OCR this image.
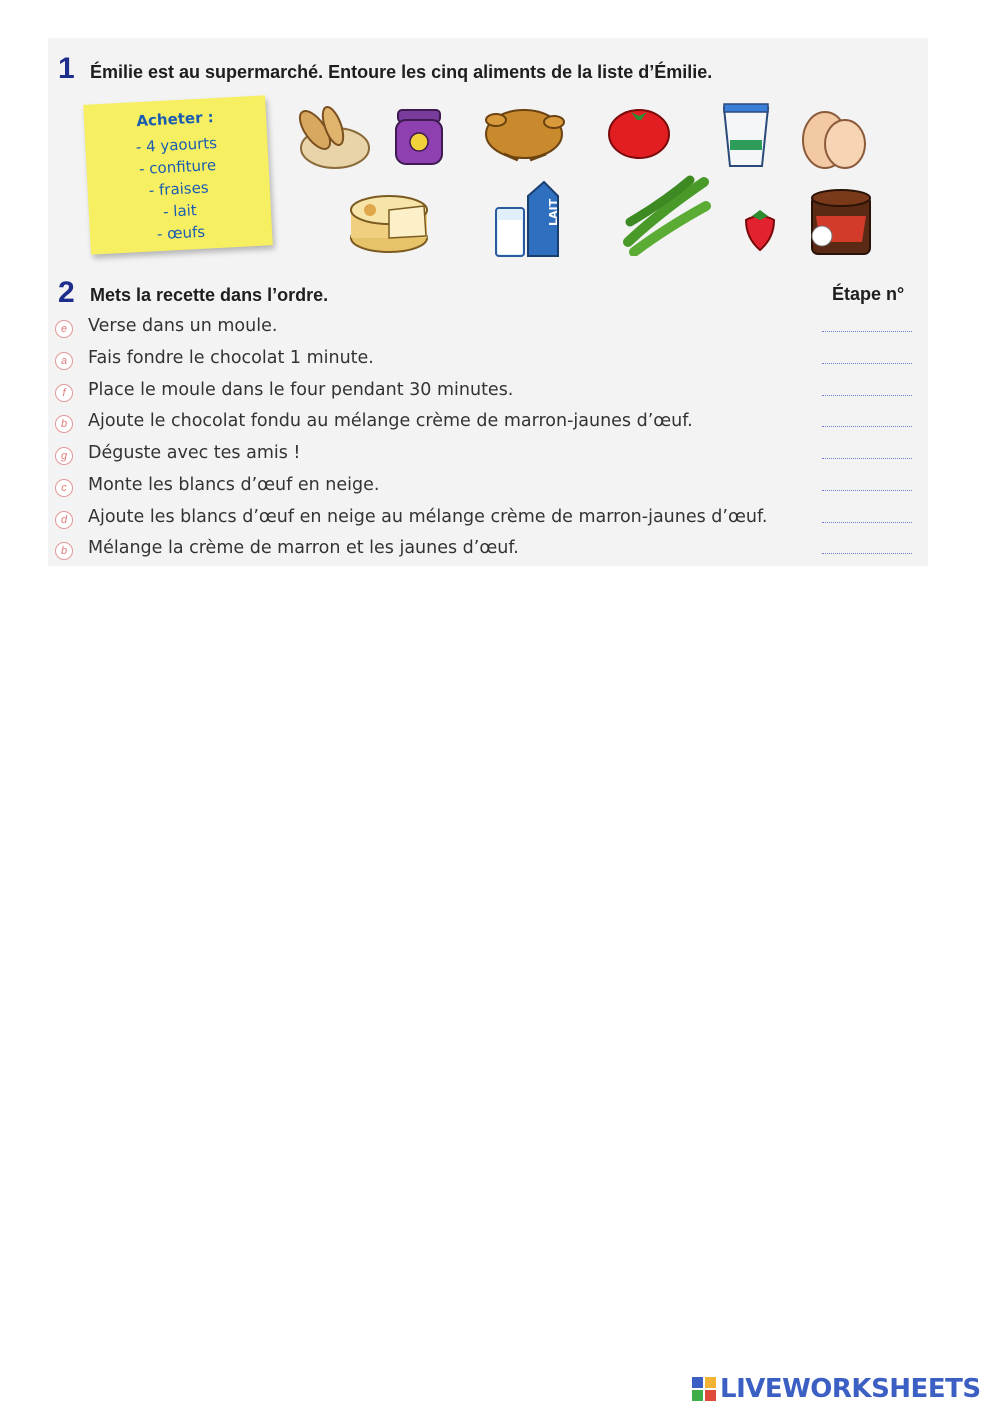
1 Émilie est au supermarché. Entoure les cinq aliments de la liste d’Émilie.
Acheter :
- 4 yaourts
- confiture
- fraises
- lait
- œufs
LAIT
2 Mets la recette dans l’ordre.	Étape n°
e	Verse dans un moule.
a	Fais fondre le chocolat 1 minute.
f	Place le moule dans le four pendant 30 minutes.
b	Ajoute le chocolat fondu au mélange crème de marron-jaunes d’œuf.
g	Déguste avec tes amis !
c	Monte les blancs d’œuf en neige.
d	Ajoute les blancs d’œuf en neige au mélange crème de marron-jaunes d’œuf.
b	Mélange la crème de marron et les jaunes d’œuf.
LIVEWORKSHEETS
